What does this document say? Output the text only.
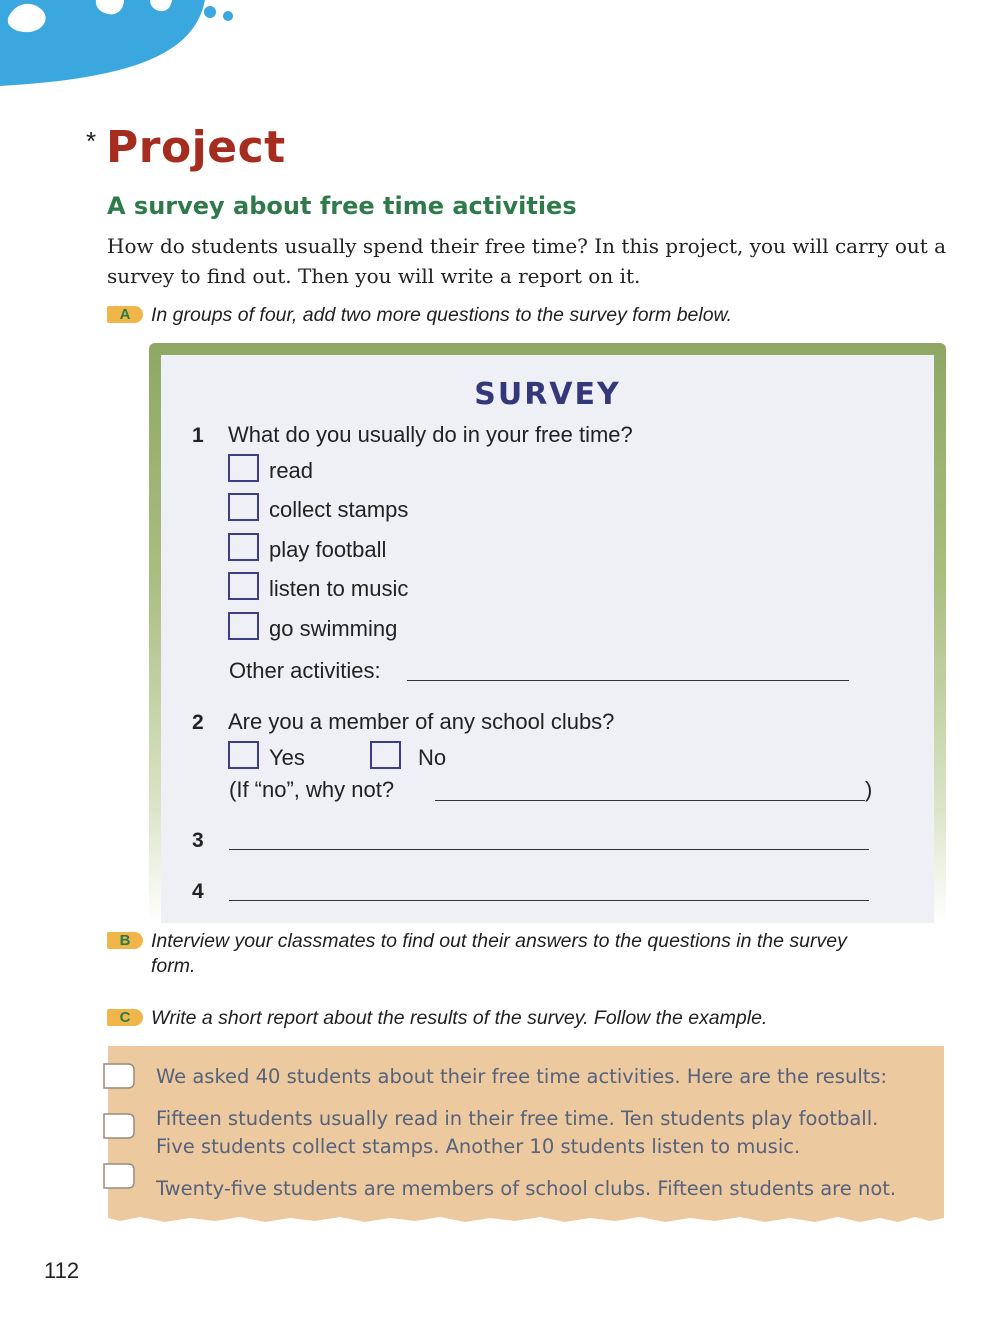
* Project
A survey about free time activities

How do students usually spend their free time? In this project, you will carry out a survey to find out. Then you will write a report on it.

A In groups of four, add two more questions to the survey form below.
SURVEY
1 What do you usually do in your free time?
read
collect stamps
play football
listen to music
go swimming
Other activities:
2 Are you a member of any school clubs?
Yes	No
(If “no”, why not?	)
3
4
B Interview your classmates to find out their answers to the questions in the survey
form.
C Write a short report about the results of the survey. Follow the example.
We asked 40 students about their free time activities. Here are the results:
Fifteen students usually read in their free time. Ten students play football.
Five students collect stamps. Another 10 students listen to music.
Twenty-five students are members of school clubs. Fifteen students are not.
112
